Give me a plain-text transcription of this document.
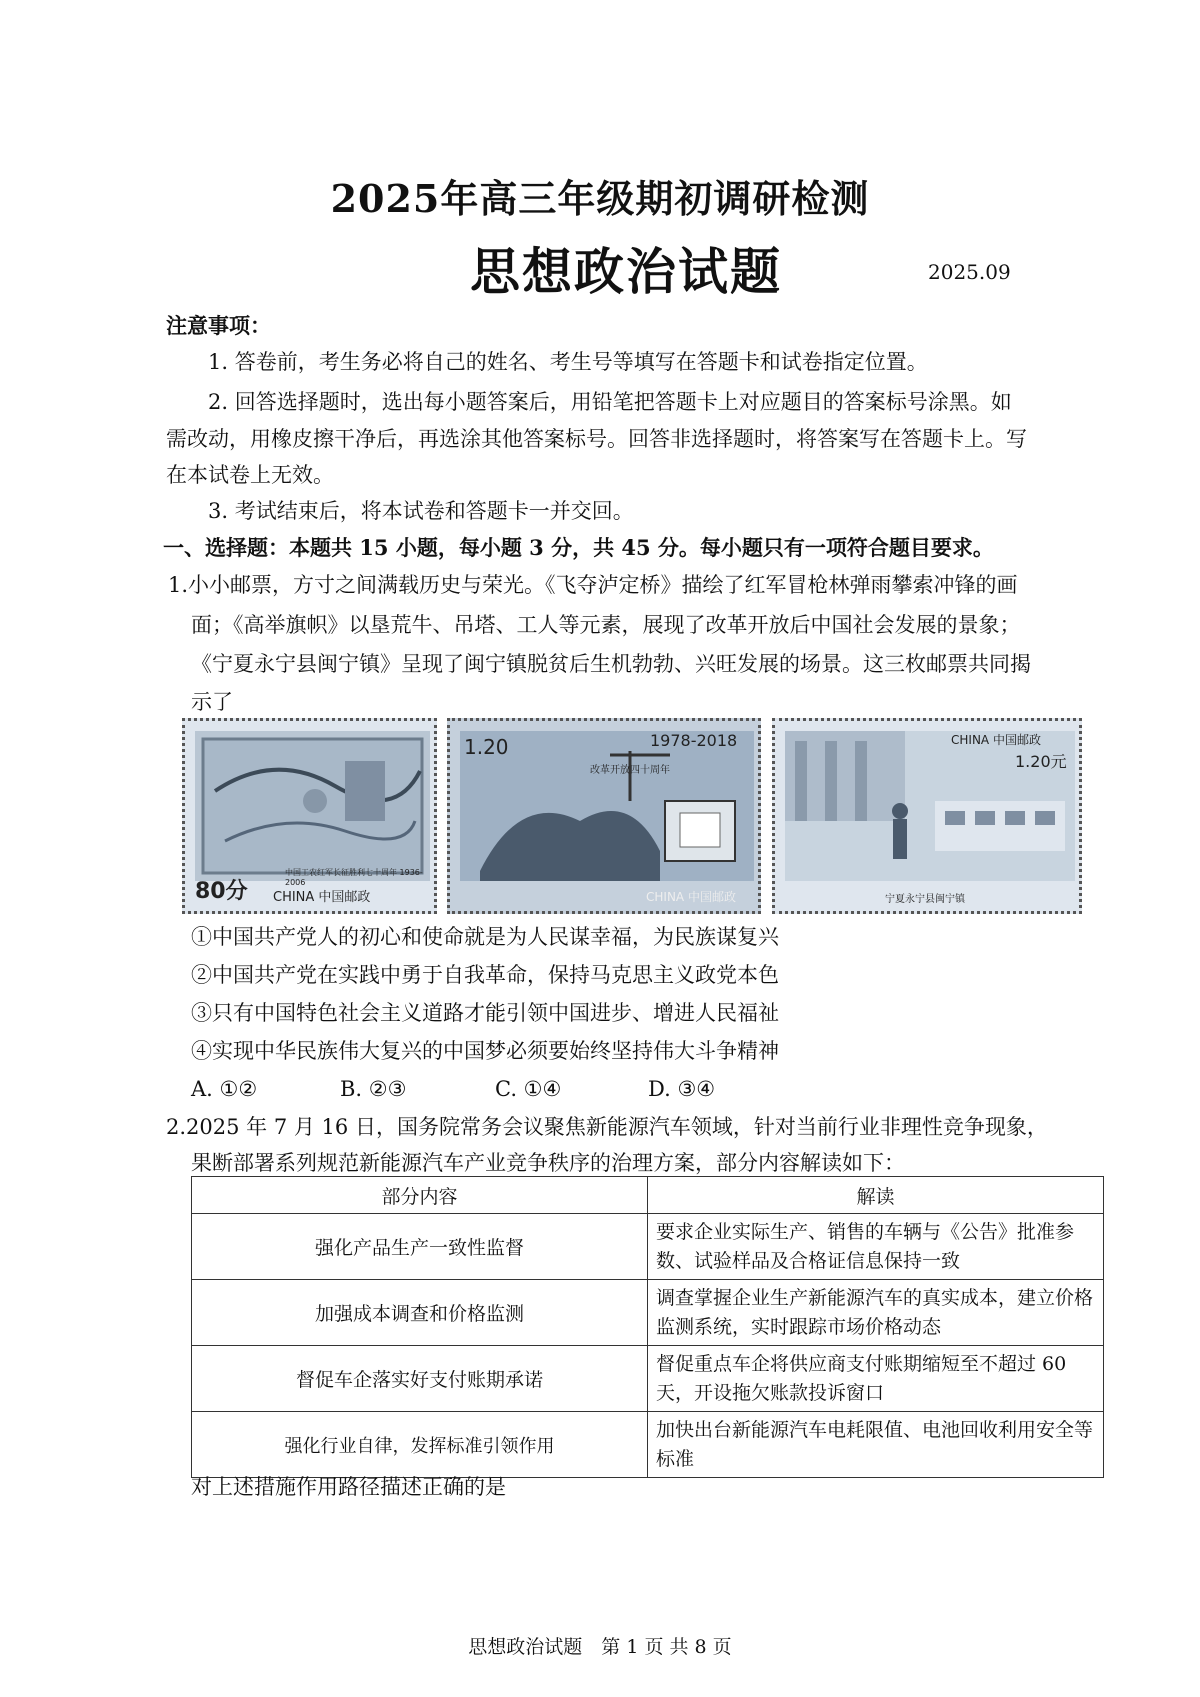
2025年高三年级期初调研检测
思想政治试题	2025.09
注意事项：
1. 答卷前，考生务必将自己的姓名、考生号等填写在答题卡和试卷指定位置。
2. 回答选择题时，选出每小题答案后，用铅笔把答题卡上对应题目的答案标号涂黑。如
需改动，用橡皮擦干净后，再选涂其他答案标号。回答非选择题时，将答案写在答题卡上。写
在本试卷上无效。
3. 考试结束后，将本试卷和答题卡一并交回。
一、选择题：本题共 15 小题，每小题 3 分，共 45 分。每小题只有一项符合题目要求。
1.小小邮票，方寸之间满载历史与荣光。《飞夺泸定桥》描绘了红军冒枪林弹雨攀索冲锋的画
面；《高举旗帜》以垦荒牛、吊塔、工人等元素，展现了改革开放后中国社会发展的景象；
《宁夏永宁县闽宁镇》呈现了闽宁镇脱贫后生机勃勃、兴旺发展的场景。这三枚邮票共同揭
示了
80分 CHINA 中国邮政
中国工农红军长征胜利七十周年 1936-2006
1.20	1978-2018
改革开放四十周年
CHINA 中国邮政
CHINA 中国邮政
1.20元
宁夏永宁县闽宁镇
①中国共产党人的初心和使命就是为人民谋幸福，为民族谋复兴
②中国共产党在实践中勇于自我革命，保持马克思主义政党本色
③只有中国特色社会主义道路才能引领中国进步、增进人民福祉
④实现中华民族伟大复兴的中国梦必须要始终坚持伟大斗争精神
A. ①②	B. ②③	C. ①④	D. ③④
2.2025 年 7 月 16 日，国务院常务会议聚焦新能源汽车领域，针对当前行业非理性竞争现象，
果断部署系列规范新能源汽车产业竞争秩序的治理方案，部分内容解读如下：
部分内容	解读
强化产品生产一致性监督	要求企业实际生产、销售的车辆与《公告》批准参数、试验样品及合格证信息保持一致
加强成本调查和价格监测	调查掌握企业生产新能源汽车的真实成本，建立价格监测系统，实时跟踪市场价格动态
督促车企落实好支付账期承诺	督促重点车企将供应商支付账期缩短至不超过 60 天，开设拖欠账款投诉窗口
强化行业自律，发挥标准引领作用	加快出台新能源汽车电耗限值、电池回收利用安全等标准
对上述措施作用路径描述正确的是
思想政治试题　第 1 页 共 8 页
